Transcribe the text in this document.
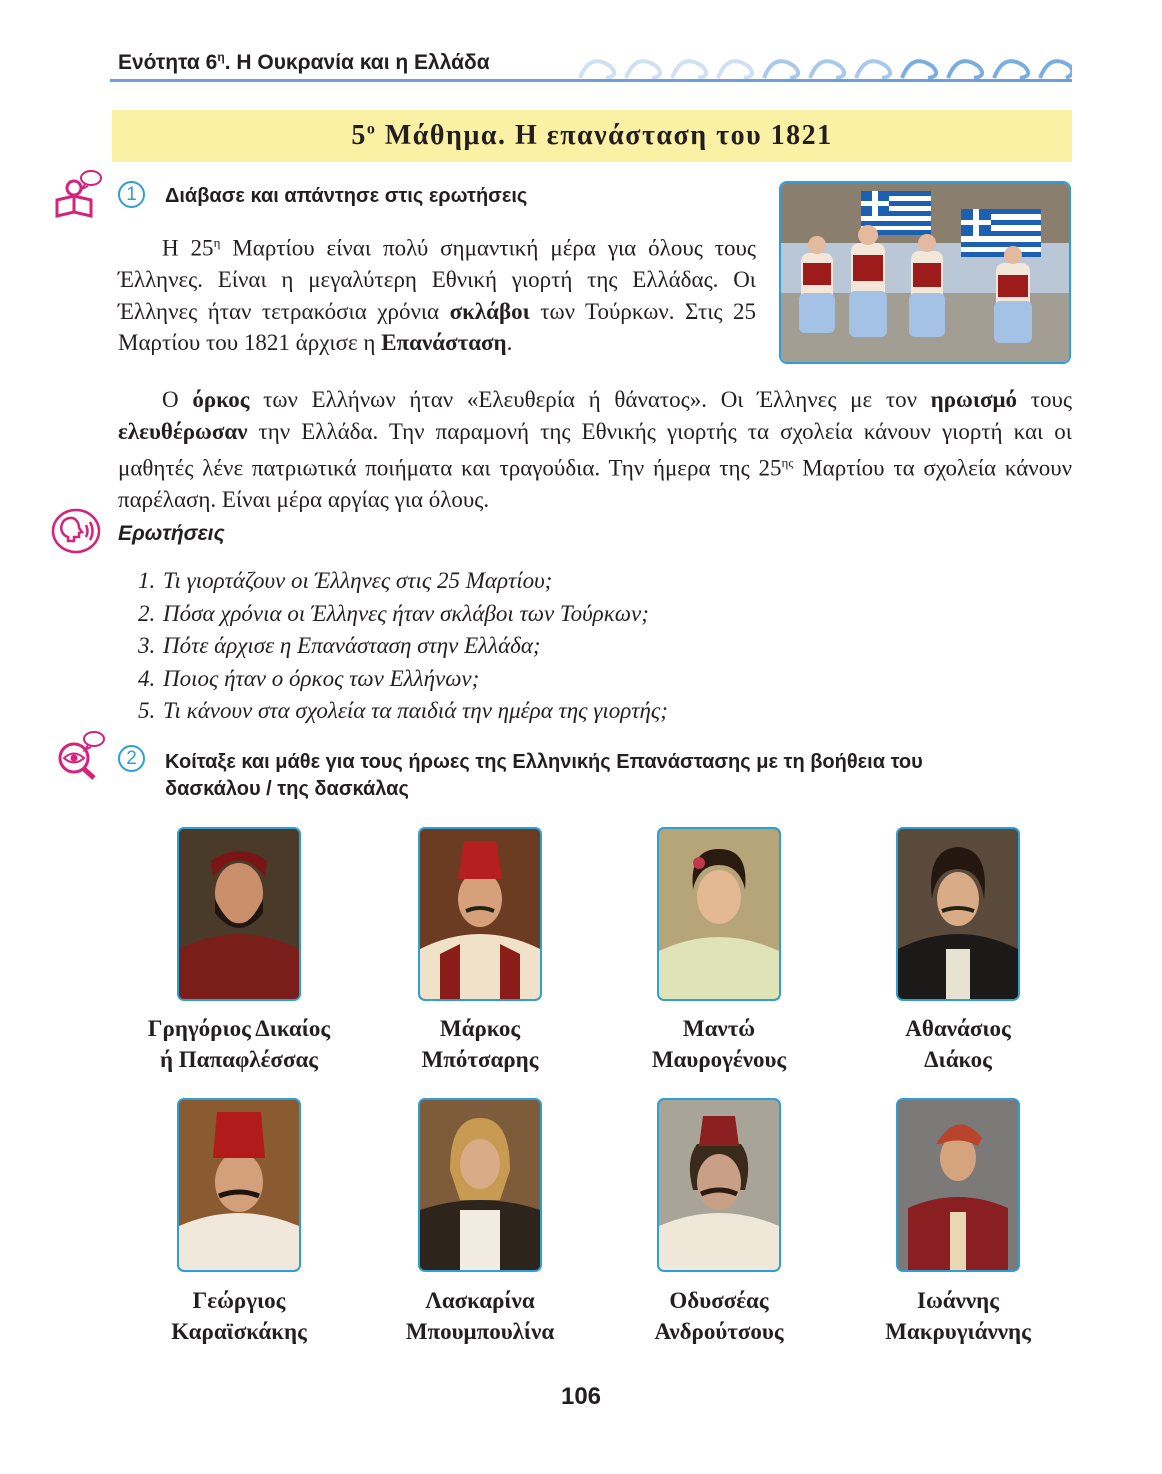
Ενότητα $6^\eta$. Η Ουκρανία και η Ελλάδα
$5^o$ Μάθημα. Η επανάσταση του 1821
1	Διάβασε και απάντησε στις ερωτήσεις

Η $25^\eta$ Μαρτίου είναι πολύ σημαντική μέρα για όλους τους Έλληνες. Είναι η μεγαλύτερη Εθνική γιορτή της Ελλάδας. Οι Έλληνες ήταν τετρακόσια χρόνια σκλάβοι των Τούρκων. Στις 25 Μαρτίου του 1821 άρχισε η Επανάσταση.

Ο όρκος των Ελλήνων ήταν «Ελευθερία ή θάνατος». Οι Έλληνες με τον ηρωισμό τους ελευθέρωσαν την Ελλάδα. Την παραμονή της Εθνικής γιορτής τα σχολεία κάνουν γιορτή και οι μαθητές λένε πατριωτικά ποιήματα και τραγούδια. Την ήμερα της $25^{\eta\varsigma}$ Μαρτίου τα σχολεία κάνουν παρέλαση. Είναι μέρα αργίας για όλους.

Ερωτήσεις
1. Τι γιορτάζουν οι Έλληνες στις 25 Μαρτίου;
2. Πόσα χρόνια οι Έλληνες ήταν σκλάβοι των Τούρκων;
3. Πότε άρχισε η Επανάσταση στην Ελλάδα;
4. Ποιος ήταν ο όρκος των Ελλήνων;
5. Τι κάνουν στα σχολεία τα παιδιά την ημέρα της γιορτής;
2	Κοίταξε και μάθε για τους ήρωες της Ελληνικής Επανάστασης με τη βοήθεια του
δασκάλου / της δασκάλας
Γρηγόριος Δικαίος
ή Παπαφλέσσας
Μάρκος
Μπότσαρης
Μαντώ
Μαυρογένους
Αθανάσιος
Διάκος
Γεώργιος
Καραϊσκάκης
Λασκαρίνα
Μπουμπουλίνα
Οδυσσέας
Ανδρούτσους
Ιωάννης
Μακρυγιάννης
106
